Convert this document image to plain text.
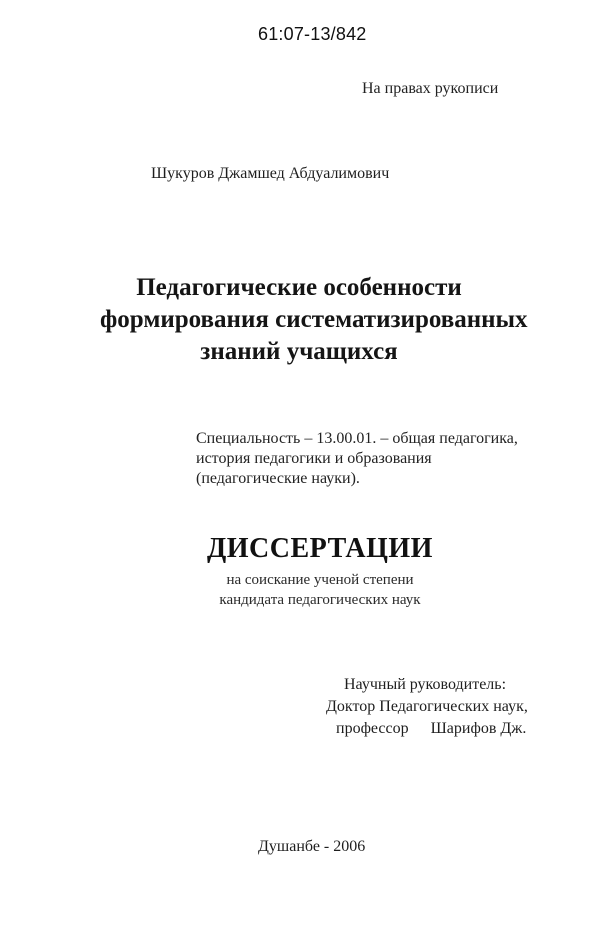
61:07-13/842
На правах рукописи
Шукуров Джамшед Абдуалимович
Педагогические особенности
формирования систематизированных
знаний учащихся
Специальность – 13.00.01. – общая педагогика,
история педагогики и образования
(педагогические науки).
ДИССЕРТАЦИИ
на соискание ученой степени
кандидата педагогических наук
Научный руководитель:
Доктор Педагогических наук,
профессор Шарифов Дж.
Душанбе - 2006
